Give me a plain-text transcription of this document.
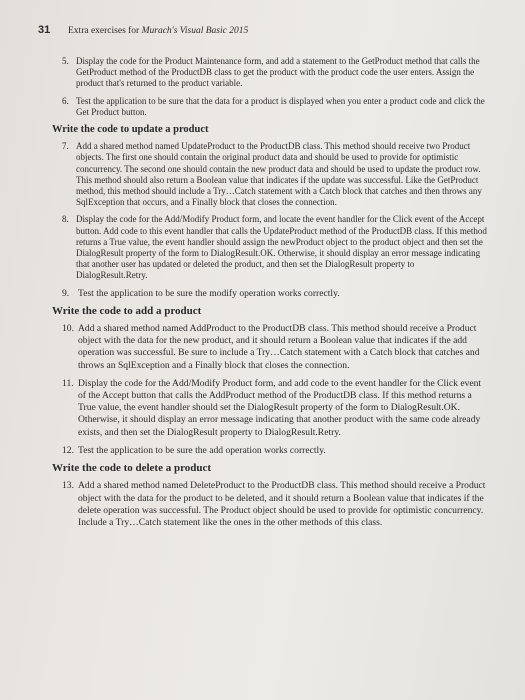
31 Extra exercises for Murach's Visual Basic 2015
5. Display the code for the Product Maintenance form, and add a statement to the GetProduct method that calls the GetProduct method of the ProductDB class to get the product with the product code the user enters. Assign the product that's returned to the product variable.
6. Test the application to be sure that the data for a product is displayed when you enter a product code and click the Get Product button.
Write the code to update a product
7. Add a shared method named UpdateProduct to the ProductDB class. This method should receive two Product objects. The first one should contain the original product data and should be used to provide for optimistic concurrency. The second one should contain the new product data and should be used to update the product row. This method should also return a Boolean value that indicates if the update was successful. Like the GetProduct method, this method should include a Try…Catch statement with a Catch block that catches and then throws any SqlException that occurs, and a Finally block that closes the connection.
8. Display the code for the Add/Modify Product form, and locate the event handler for the Click event of the Accept button. Add code to this event handler that calls the UpdateProduct method of the ProductDB class. If this method returns a True value, the event handler should assign the newProduct object to the product object and then set the DialogResult property of the form to DialogResult.OK. Otherwise, it should display an error message indicating that another user has updated or deleted the product, and then set the DialogResult property to DialogResult.Retry.
9. Test the application to be sure the modify operation works correctly.
Write the code to add a product
10. Add a shared method named AddProduct to the ProductDB class. This method should receive a Product object with the data for the new product, and it should return a Boolean value that indicates if the add operation was successful. Be sure to include a Try…Catch statement with a Catch block that catches and throws an SqlException and a Finally block that closes the connection.
11. Display the code for the Add/Modify Product form, and add code to the event handler for the Click event of the Accept button that calls the AddProduct method of the ProductDB class. If this method returns a True value, the event handler should set the DialogResult property of the form to DialogResult.OK. Otherwise, it should display an error message indicating that another product with the same code already exists, and then set the DialogResult property to DialogResult.Retry.
12. Test the application to be sure the add operation works correctly.
Write the code to delete a product
13. Add a shared method named DeleteProduct to the ProductDB class. This method should receive a Product object with the data for the product to be deleted, and it should return a Boolean value that indicates if the delete operation was successful. The Product object should be used to provide for optimistic concurrency. Include a Try…Catch statement like the ones in the other methods of this class.
